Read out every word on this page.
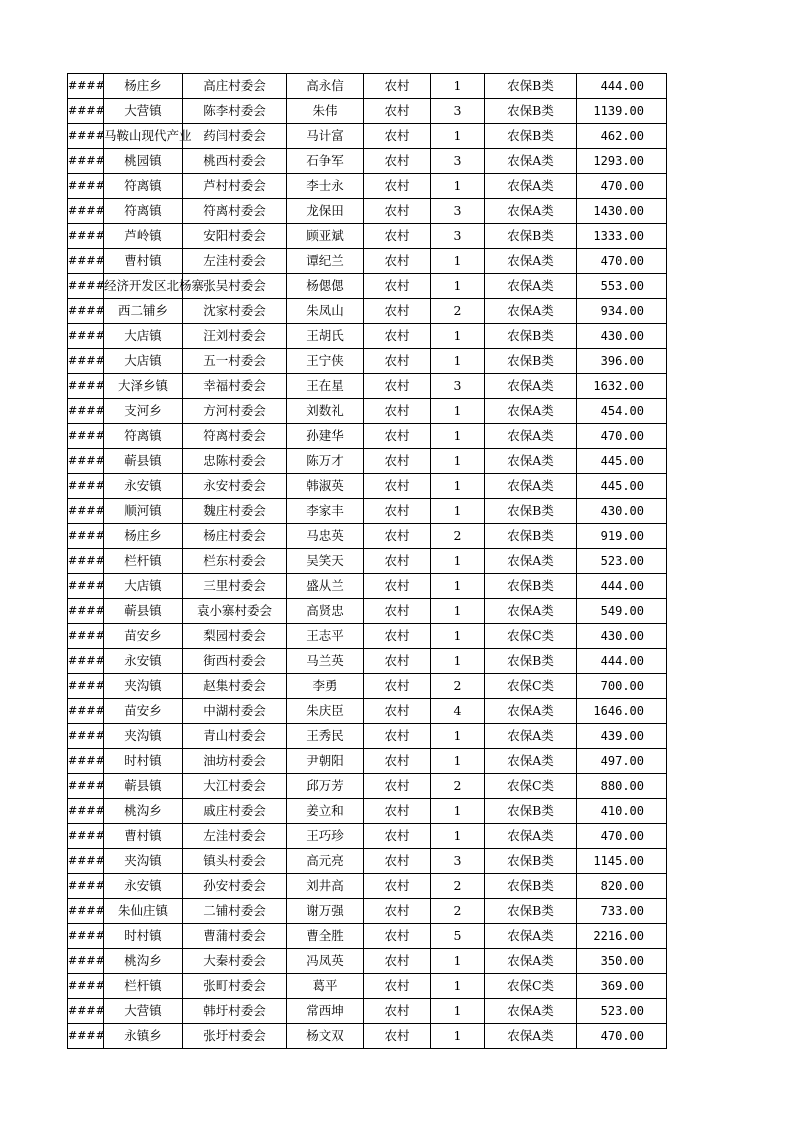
####	杨庄乡	高庄村委会	高永信	农村	1	农保B类	444.00
####	大营镇	陈李村委会	朱伟	农村	3	农保B类	1139.00
####	马鞍山现代产业	药闫村委会	马计富	农村	1	农保B类	462.00
####	桃园镇	桃西村委会	石争军	农村	3	农保A类	1293.00
####	符离镇	芦村村委会	李士永	农村	1	农保A类	470.00
####	符离镇	符离村委会	龙保田	农村	3	农保A类	1430.00
####	芦岭镇	安阳村委会	顾亚斌	农村	3	农保B类	1333.00
####	曹村镇	左洼村委会	谭纪兰	农村	1	农保A类	470.00
####	经济开发区北杨寨	张吴村委会	杨偲偲	农村	1	农保A类	553.00
####	西二铺乡	沈家村委会	朱凤山	农村	2	农保A类	934.00
####	大店镇	汪刘村委会	王胡氏	农村	1	农保B类	430.00
####	大店镇	五一村委会	王宁侠	农村	1	农保B类	396.00
####	大泽乡镇	幸福村委会	王在星	农村	3	农保A类	1632.00
####	支河乡	方河村委会	刘数礼	农村	1	农保A类	454.00
####	符离镇	符离村委会	孙建华	农村	1	农保A类	470.00
####	蕲县镇	忠陈村委会	陈万才	农村	1	农保A类	445.00
####	永安镇	永安村委会	韩淑英	农村	1	农保A类	445.00
####	顺河镇	魏庄村委会	李家丰	农村	1	农保B类	430.00
####	杨庄乡	杨庄村委会	马忠英	农村	2	农保B类	919.00
####	栏杆镇	栏东村委会	吴笑天	农村	1	农保A类	523.00
####	大店镇	三里村委会	盛从兰	农村	1	农保B类	444.00
####	蕲县镇	袁小寨村委会	高贤忠	农村	1	农保A类	549.00
####	苗安乡	梨园村委会	王志平	农村	1	农保C类	430.00
####	永安镇	街西村委会	马兰英	农村	1	农保B类	444.00
####	夹沟镇	赵集村委会	李勇	农村	2	农保C类	700.00
####	苗安乡	中湖村委会	朱庆臣	农村	4	农保A类	1646.00
####	夹沟镇	青山村委会	王秀民	农村	1	农保A类	439.00
####	时村镇	油坊村委会	尹朝阳	农村	1	农保A类	497.00
####	蕲县镇	大江村委会	邱万芳	农村	2	农保C类	880.00
####	桃沟乡	戚庄村委会	姜立和	农村	1	农保B类	410.00
####	曹村镇	左洼村委会	王巧珍	农村	1	农保A类	470.00
####	夹沟镇	镇头村委会	高元亮	农村	3	农保B类	1145.00
####	永安镇	孙安村委会	刘井高	农村	2	农保B类	820.00
####	朱仙庄镇	二铺村委会	谢万强	农村	2	农保B类	733.00
####	时村镇	曹蒲村委会	曹全胜	农村	5	农保A类	2216.00
####	桃沟乡	大秦村委会	冯凤英	农村	1	农保A类	350.00
####	栏杆镇	张町村委会	葛平	农村	1	农保C类	369.00
####	大营镇	韩圩村委会	常西坤	农村	1	农保A类	523.00
####	永镇乡	张圩村委会	杨文双	农村	1	农保A类	470.00
